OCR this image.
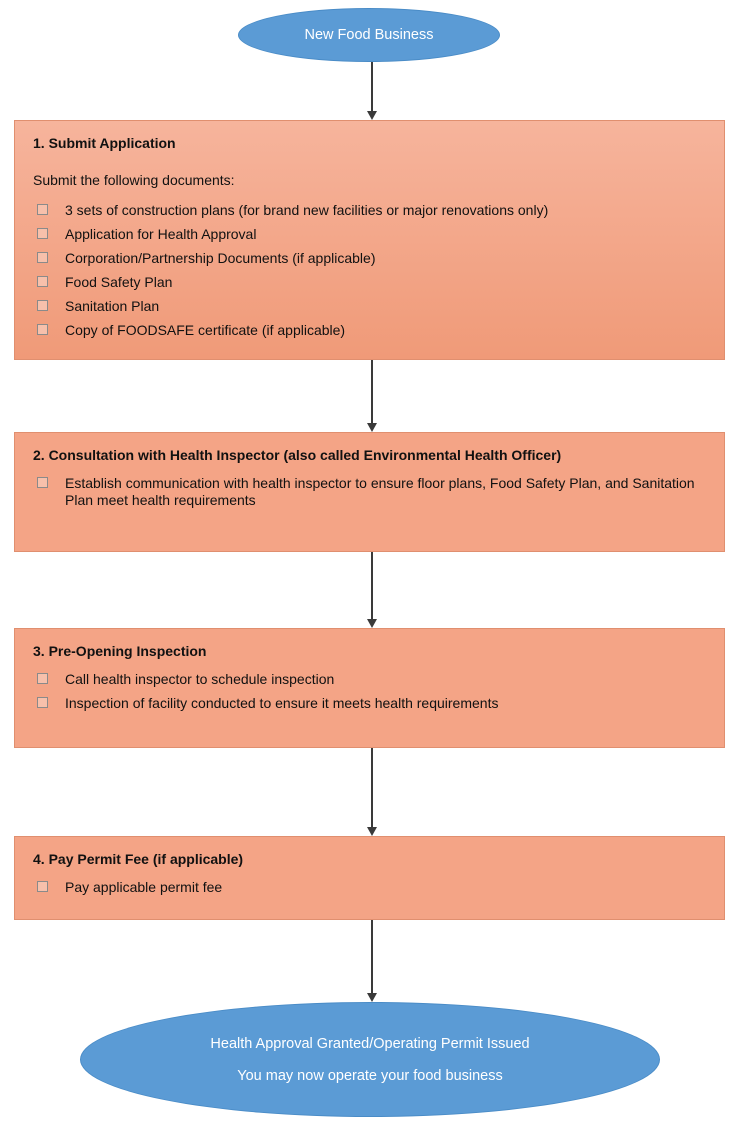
New Food Business
1. Submit Application
Submit the following documents:
3 sets of construction plans (for brand new facilities or major renovations only)
Application for Health Approval
Corporation/Partnership Documents (if applicable)
Food Safety Plan
Sanitation Plan
Copy of FOODSAFE certificate (if applicable)
2. Consultation with Health Inspector (also called Environmental Health Officer)
Establish communication with health inspector to ensure floor plans, Food Safety Plan, and Sanitation Plan meet health requirements
3. Pre-Opening Inspection
Call health inspector to schedule inspection
Inspection of facility conducted to ensure it meets health requirements
4. Pay Permit Fee (if applicable)
Pay applicable permit fee
Health Approval Granted/Operating Permit Issued
You may now operate your food business
